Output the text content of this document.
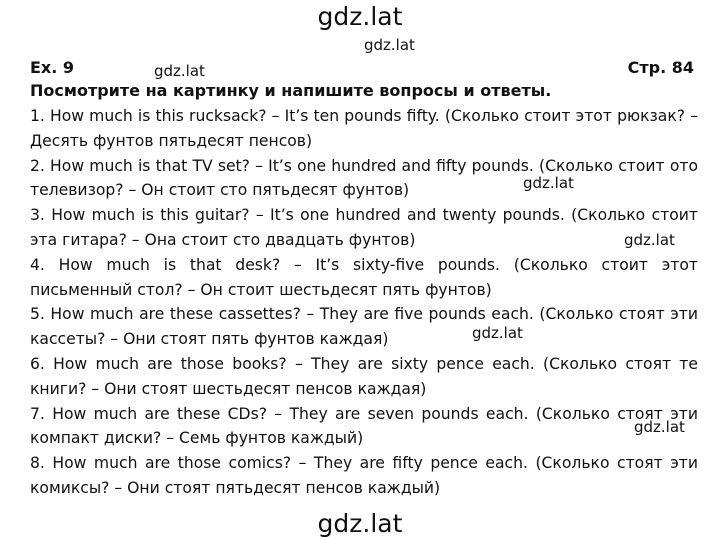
gdz.lat
gdz.lat
Ex. 9	Стр. 84
gdz.lat
Посмотрите на картинку и напишите вопросы и ответы.
1. How much is this rucksack? – It’s ten pounds fifty. (Сколько стоит этот рюкзак? – Десять фунтов пятьдесят пенсов)
2. How much is that TV set? – It’s one hundred and fifty pounds. (Сколько стоит ото телевизор? – Он стоит сто пятьдесят фунтов)
3. How much is this guitar? – It’s one hundred and twenty pounds. (Сколько стоит эта гитара? – Она стоит сто двадцать фунтов)
4. How much is that desk? – It’s sixty-five pounds. (Сколько стоит этот письменный стол? – Он стоит шестьдесят пять фунтов)
5. How much are these cassettes? – They are five pounds each. (Сколько стоят эти кассеты? – Они стоят пять фунтов каждая)
6. How much are those books? – They are sixty pence each. (Сколько стоят те книги? – Они стоят шестьдесят пенсов каждая)
7. How much are these CDs? – They are seven pounds each. (Сколько стоят эти компакт диски? – Семь фунтов каждый)
8. How much are those comics? – They are fifty pence each. (Сколько стоят эти комиксы? – Они стоят пятьдесят пенсов каждый)
gdz.lat
gdz.lat
gdz.lat
gdz.lat
gdz.lat
